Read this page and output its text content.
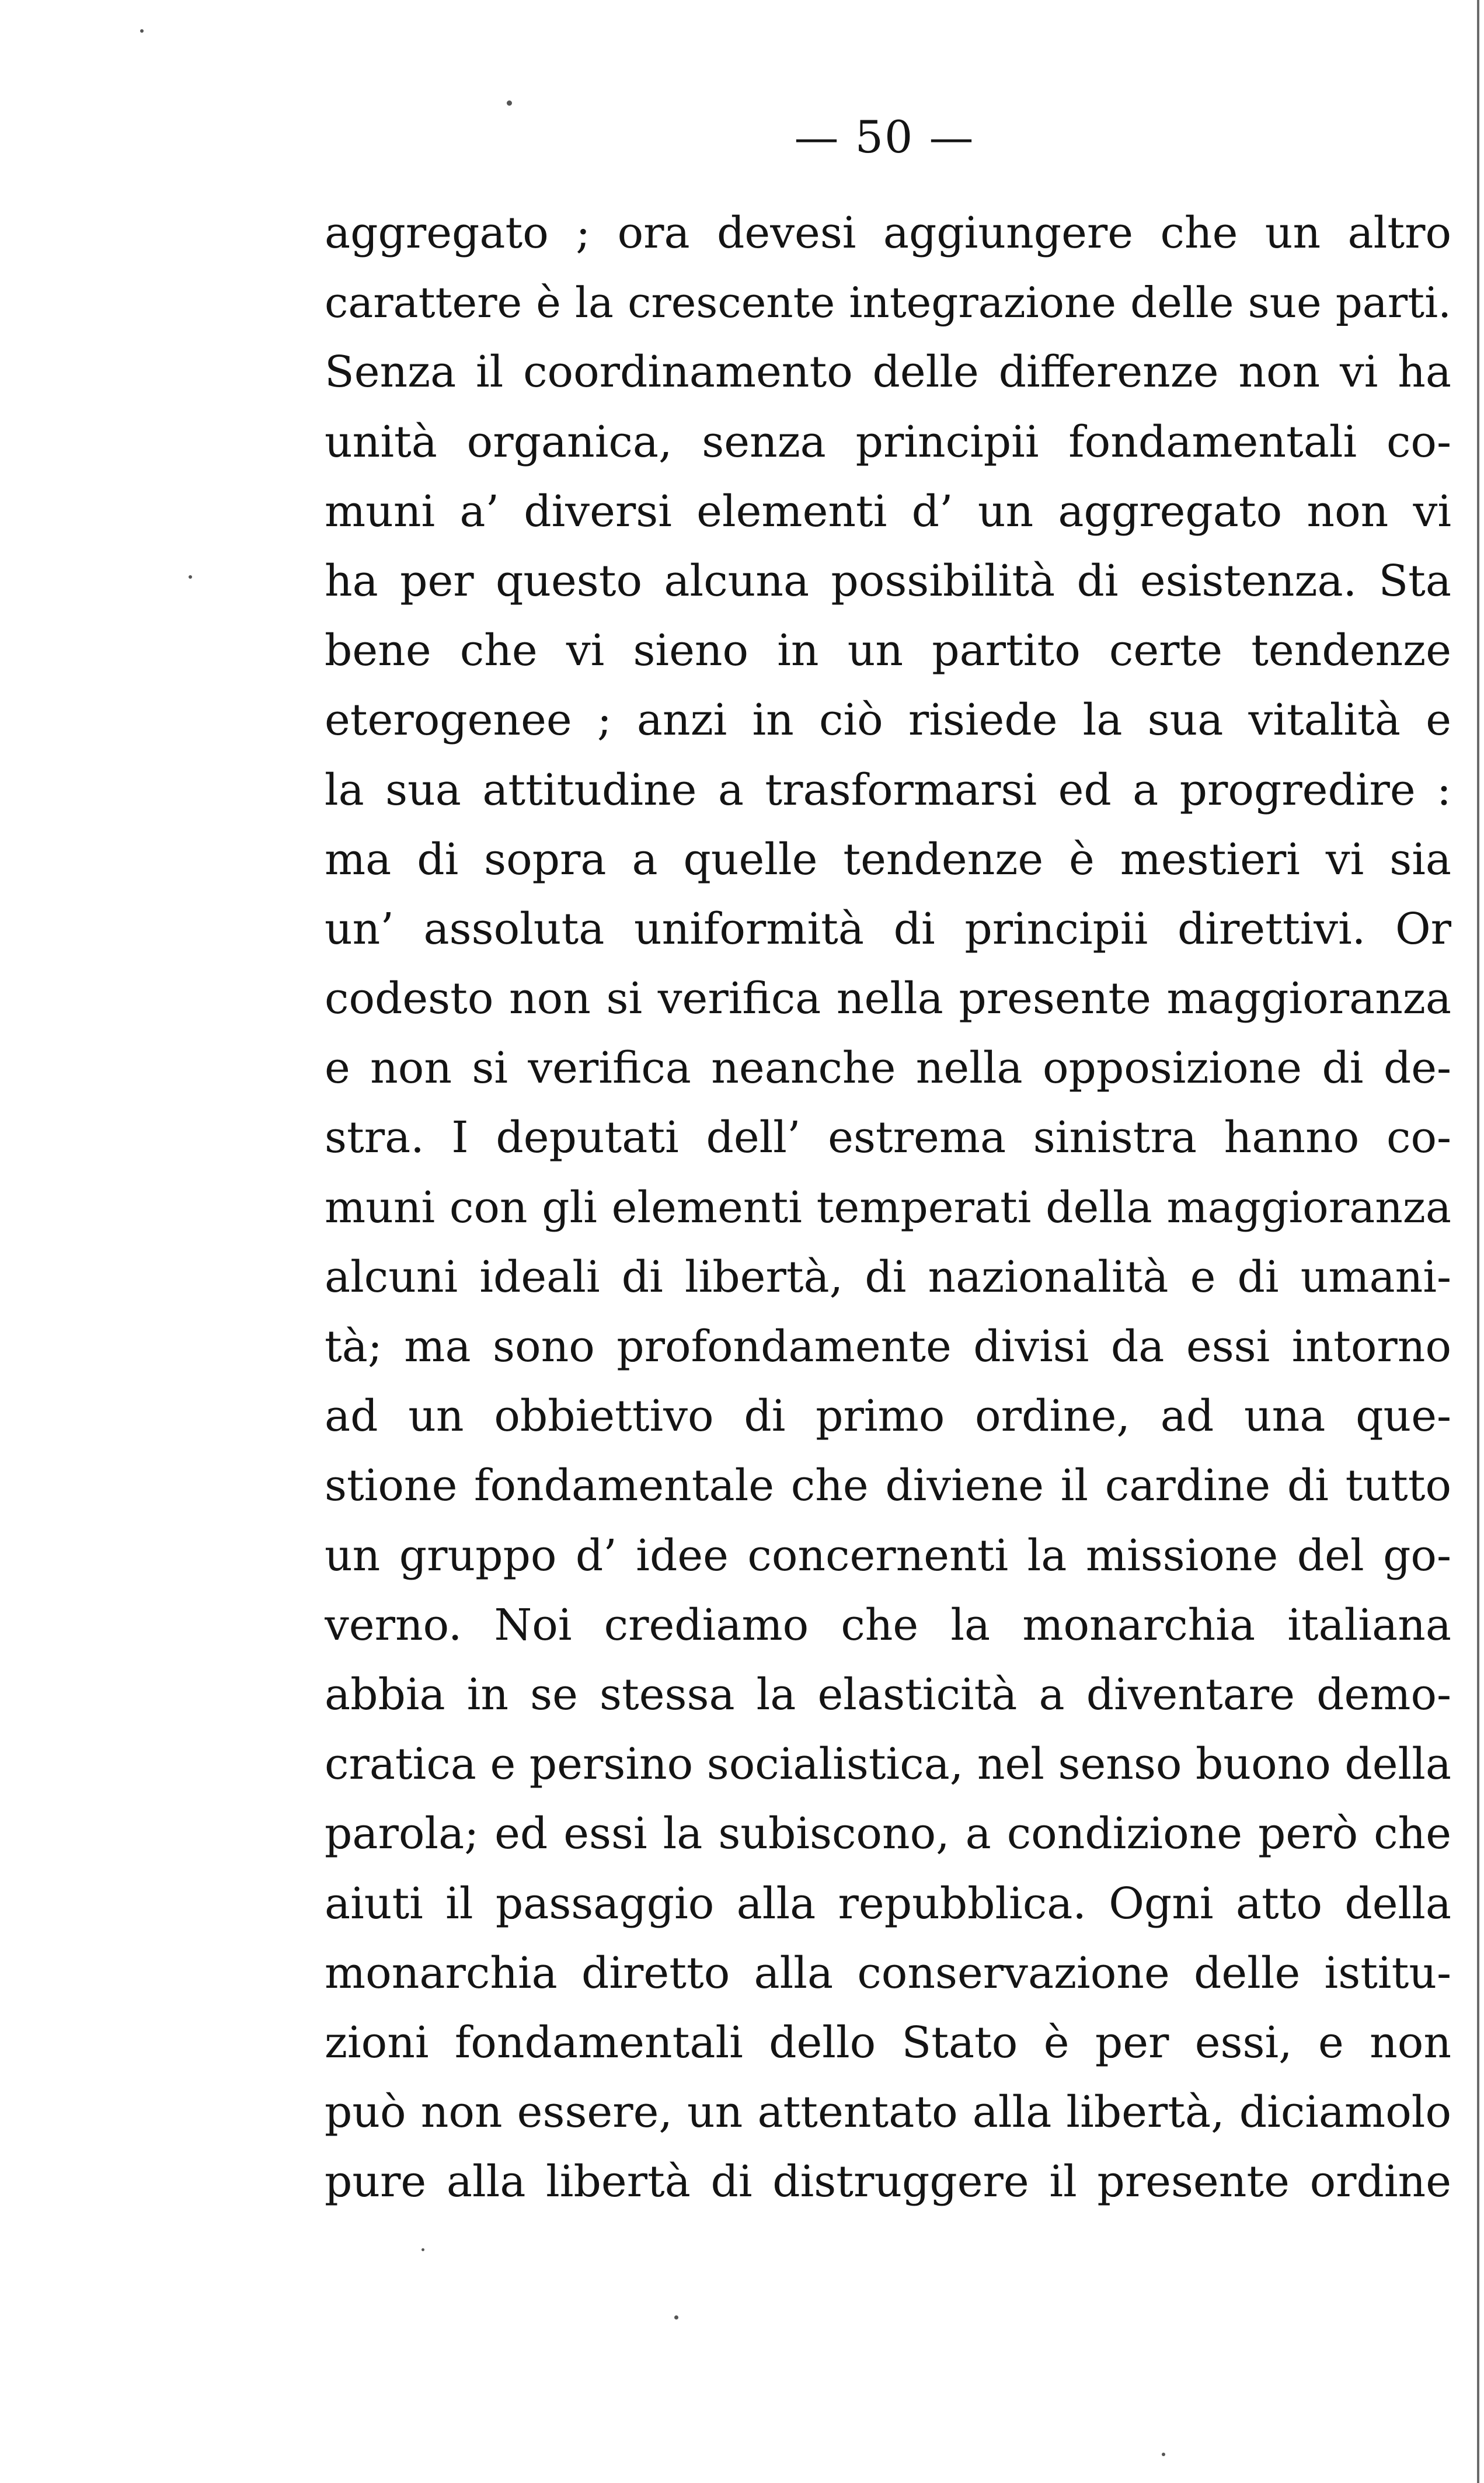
— 50 —
aggregato ; ora devesi aggiungere che un altro
carattere è la crescente integrazione delle sue parti.
Senza il coordinamento delle differenze non vi ha
unità organica, senza principii fondamentali co-
muni a’ diversi elementi d’ un aggregato non vi
ha per questo alcuna possibilità di esistenza. Sta
bene che vi sieno in un partito certe tendenze
eterogenee ; anzi in ciò risiede la sua vitalità e
la sua attitudine a trasformarsi ed a progredire :
ma di sopra a quelle tendenze è mestieri vi sia
un’ assoluta uniformità di principii direttivi. Or
codesto non si verifica nella presente maggioranza
e non si verifica neanche nella opposizione di de-
stra. I deputati dell’ estrema sinistra hanno co-
muni con gli elementi temperati della maggioranza
alcuni ideali di libertà, di nazionalità e di umani-
tà; ma sono profondamente divisi da essi intorno
ad un obbiettivo di primo ordine, ad una que-
stione fondamentale che diviene il cardine di tutto
un gruppo d’ idee concernenti la missione del go-
verno. Noi crediamo che la monarchia italiana
abbia in se stessa la elasticità a diventare demo-
cratica e persino socialistica, nel senso buono della
parola; ed essi la subiscono, a condizione però che
aiuti il passaggio alla repubblica. Ogni atto della
monarchia diretto alla conservazione delle istitu-
zioni fondamentali dello Stato è per essi, e non
può non essere, un attentato alla libertà, diciamolo
pure alla libertà di distruggere il presente ordine
